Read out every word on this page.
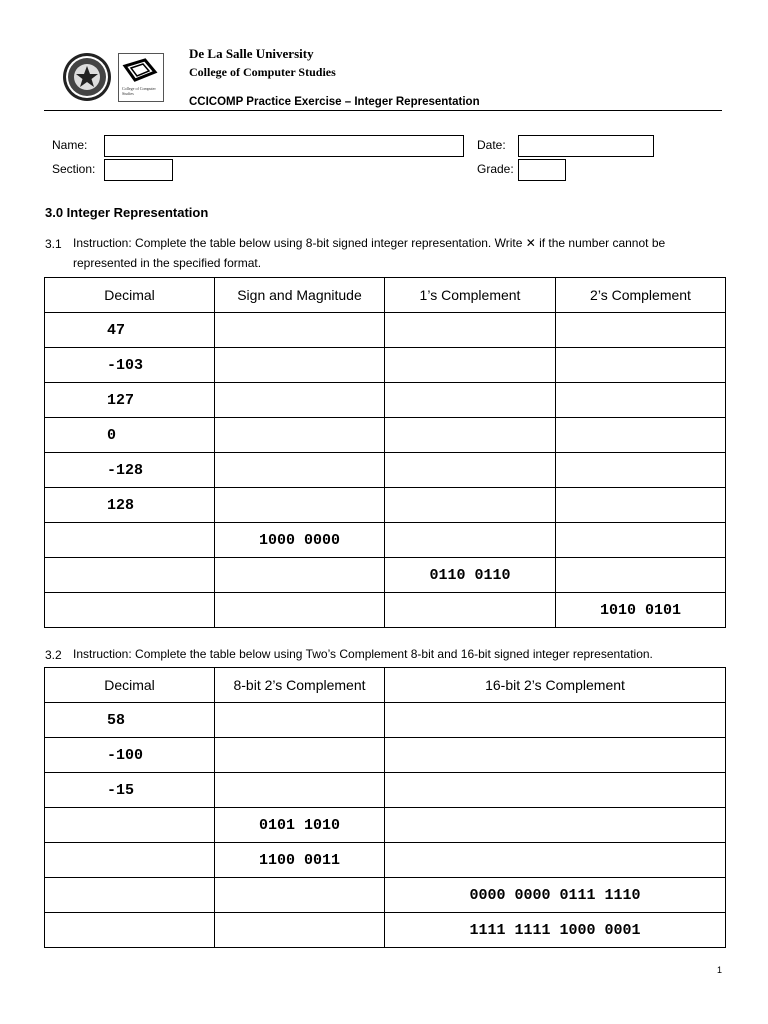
College of Computer Studies
De La Salle University
College of Computer Studies
CCICOMP Practice Exercise – Integer Representation
Name:	Date:
Section:	Grade:
3.0 Integer Representation
3.1 Instruction: Complete the table below using 8-bit signed integer representation. Write ✕ if the number cannot be
represented in the specified format.
Decimal	Sign and Magnitude	1’s Complement	2’s Complement
47			
-103			
127			
0			
-128			
128			
	1000 0000		
		0110 0110	
			1010 0101
3.2 Instruction: Complete the table below using Two’s Complement 8-bit and 16-bit signed integer representation.
Decimal	8-bit 2’s Complement	16-bit 2’s Complement
58		
-100		
-15		
	0101 1010	
	1100 0011	
		0000 0000 0111 1110
		1111 1111 1000 0001
1
